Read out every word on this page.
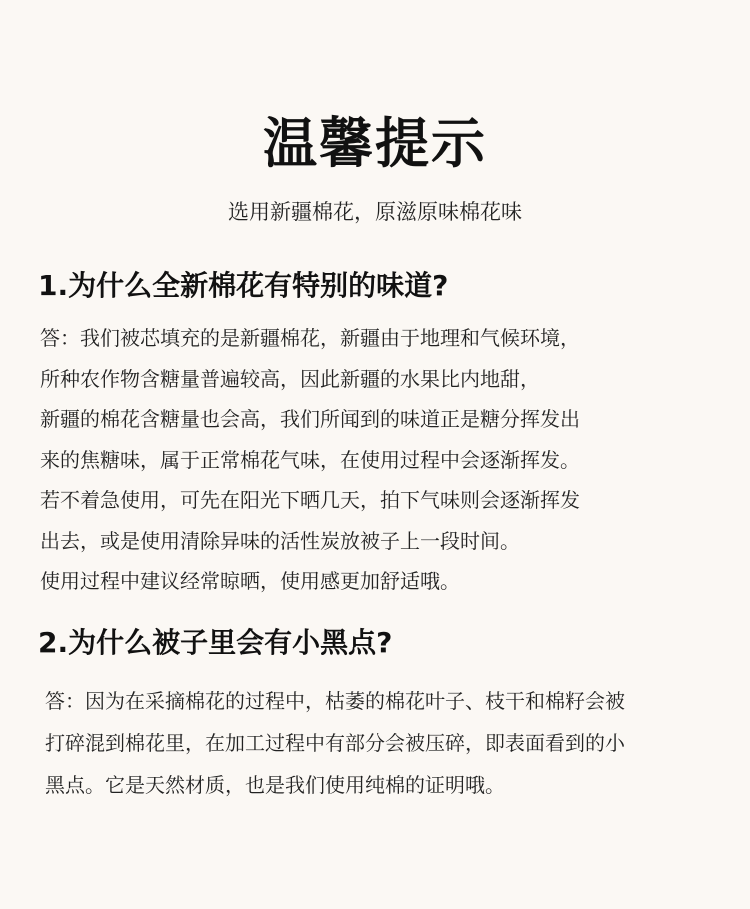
温馨提示
选用新疆棉花，原滋原味棉花味
1.为什么全新棉花有特别的味道?
答：我们被芯填充的是新疆棉花，新疆由于地理和气候环境，
所种农作物含糖量普遍较高，因此新疆的水果比内地甜，
新疆的棉花含糖量也会高，我们所闻到的味道正是糖分挥发出
来的焦糖味，属于正常棉花气味，在使用过程中会逐渐挥发。
若不着急使用，可先在阳光下晒几天，拍下气味则会逐渐挥发
出去，或是使用清除异味的活性炭放被子上一段时间。
使用过程中建议经常晾晒，使用感更加舒适哦。
2.为什么被子里会有小黑点?
答：因为在采摘棉花的过程中，枯萎的棉花叶子、枝干和棉籽会被
打碎混到棉花里，在加工过程中有部分会被压碎，即表面看到的小
黑点。它是天然材质，也是我们使用纯棉的证明哦。
